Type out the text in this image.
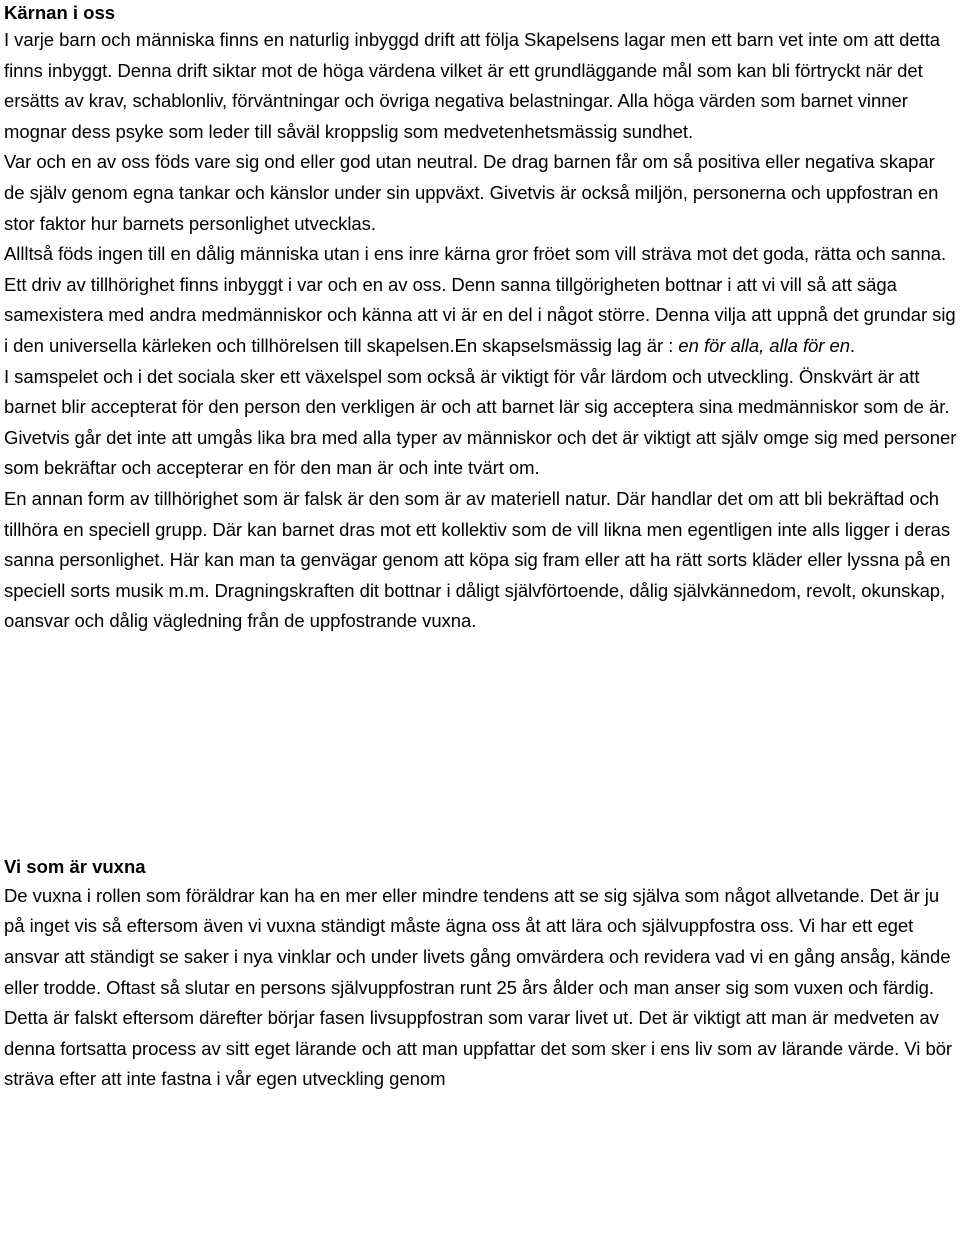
Kärnan i oss

I varje barn och människa finns en naturlig inbyggd drift att följa Skapelsens lagar men ett barn vet inte om att detta finns inbyggt. Denna drift siktar mot de höga värdena vilket är ett grundläggande mål som kan bli förtryckt när det ersätts av krav, schablonliv, förväntningar och övriga negativa belastningar. Alla höga värden som barnet vinner mognar dess psyke som leder till såväl kroppslig som medvetenhetsmässig sundhet.

Var och en av oss föds vare sig ond eller god utan neutral. De drag barnen får om så positiva eller negativa skapar de själv genom egna tankar och känslor under sin uppväxt. Givetvis är också miljön, personerna och uppfostran en stor faktor hur barnets personlighet utvecklas.

Allltså föds ingen till en dålig människa utan i ens inre kärna gror fröet som vill sträva mot det goda, rätta och sanna. Ett driv av tillhörighet finns inbyggt i var och en av oss. Denn sanna tillgörigheten bottnar i att vi vill så att säga samexistera med andra medmänniskor och känna att vi är en del i något större. Denna vilja att uppnå det grundar sig i den universella kärleken och tillhörelsen till skapelsen.En skapselsmässig lag är : en för alla, alla för en.

I samspelet och i det sociala sker ett växelspel som också är viktigt för vår lärdom och utveckling. Önskvärt är att barnet blir accepterat för den person den verkligen är och att barnet lär sig acceptera sina medmänniskor som de är. Givetvis går det inte att umgås lika bra med alla typer av människor och det är viktigt att själv omge sig med personer som bekräftar och accepterar en för den man är och inte tvärt om.

En annan form av tillhörighet som är falsk är den som är av materiell natur. Där handlar det om att bli bekräftad och tillhöra en speciell grupp. Där kan barnet dras mot ett kollektiv som de vill likna men egentligen inte alls ligger i deras sanna personlighet. Här kan man ta genvägar genom att köpa sig fram eller att ha rätt sorts kläder eller lyssna på en speciell sorts musik m.m. Dragningskraften dit bottnar i dåligt självförtoende, dålig självkännedom, revolt, okunskap, oansvar och dålig vägledning från de uppfostrande vuxna.

Vi som är vuxna

De vuxna i rollen som föräldrar kan ha en mer eller mindre tendens att se sig själva som något allvetande. Det är ju på inget vis så eftersom även vi vuxna ständigt måste ägna oss åt att lära och självuppfostra oss. Vi har ett eget ansvar att ständigt se saker i nya vinklar och under livets gång omvärdera och revidera vad vi en gång ansåg, kände eller trodde. Oftast så slutar en persons självuppfostran runt 25 års ålder och man anser sig som vuxen och färdig. Detta är falskt eftersom därefter börjar fasen livsuppfostran som varar livet ut. Det är viktigt att man är medveten av denna fortsatta process av sitt eget lärande och att man uppfattar det som sker i ens liv som av lärande värde. Vi bör sträva efter att inte fastna i vår egen utveckling genom
